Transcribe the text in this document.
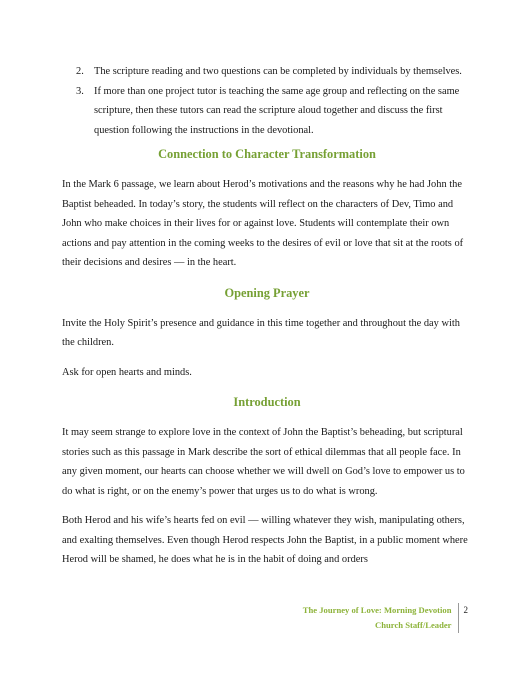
2. The scripture reading and two questions can be completed by individuals by themselves.
3. If more than one project tutor is teaching the same age group and reflecting on the same scripture, then these tutors can read the scripture aloud together and discuss the first question following the instructions in the devotional.
Connection to Character Transformation

In the Mark 6 passage, we learn about Herod’s motivations and the reasons why he had John the Baptist beheaded. In today’s story, the students will reflect on the characters of Dev, Timo and John who make choices in their lives for or against love. Students will contemplate their own actions and pay attention in the coming weeks to the desires of evil or love that sit at the roots of their decisions and desires — in the heart.

Opening Prayer

Invite the Holy Spirit’s presence and guidance in this time together and throughout the day with the children.

Ask for open hearts and minds.

Introduction

It may seem strange to explore love in the context of John the Baptist’s beheading, but scriptural stories such as this passage in Mark describe the sort of ethical dilemmas that all people face. In any given moment, our hearts can choose whether we will dwell on God’s love to empower us to do what is right, or on the enemy’s power that urges us to do what is wrong.

Both Herod and his wife’s hearts fed on evil — willing whatever they wish, manipulating others, and exalting themselves. Even though Herod respects John the Baptist, in a public moment where Herod will be shamed, he does what he is in the habit of doing and orders

The Journey of Love: Morning Devotion
Church Staff/Leader
2
